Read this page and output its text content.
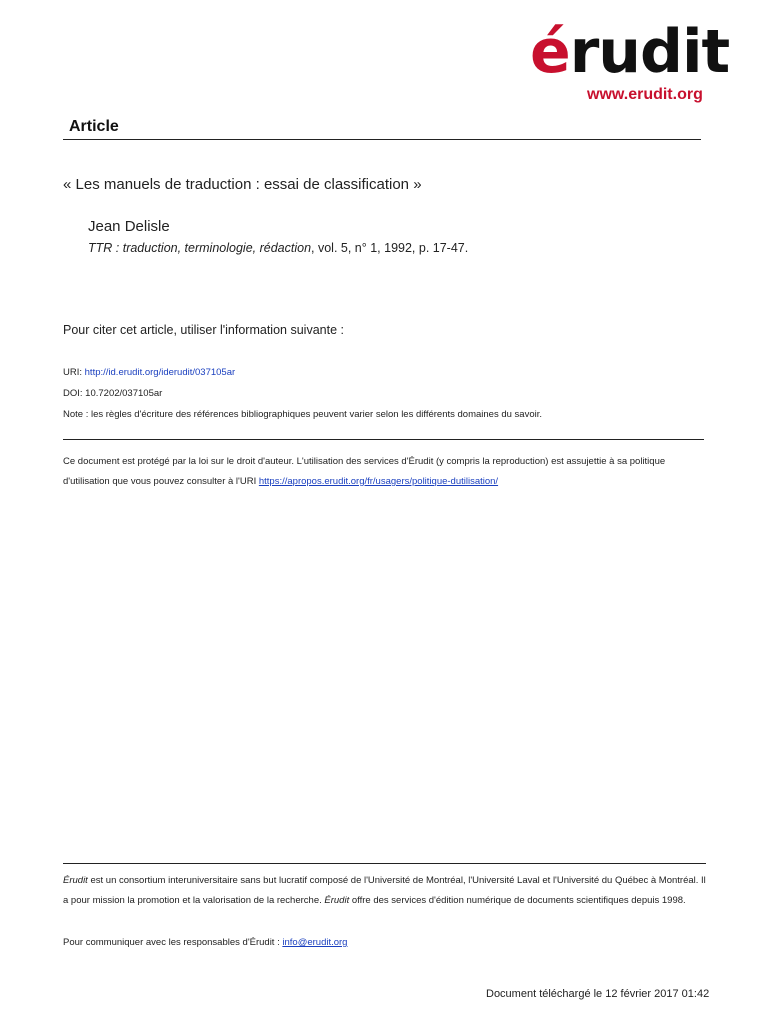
érudit
www.erudit.org
Article
« Les manuels de traduction : essai de classification »
Jean Delisle
TTR : traduction, terminologie, rédaction, vol. 5, n° 1, 1992, p. 17-47.
Pour citer cet article, utiliser l'information suivante :
URI: http://id.erudit.org/iderudit/037105ar
DOI: 10.7202/037105ar
Note : les règles d'écriture des références bibliographiques peuvent varier selon les différents domaines du savoir.
Ce document est protégé par la loi sur le droit d'auteur. L'utilisation des services d'Érudit (y compris la reproduction) est assujettie à sa politique d'utilisation que vous pouvez consulter à l'URI https://apropos.erudit.org/fr/usagers/politique-dutilisation/
Érudit est un consortium interuniversitaire sans but lucratif composé de l'Université de Montréal, l'Université Laval et l'Université du Québec à Montréal. Il a pour mission la promotion et la valorisation de la recherche. Érudit offre des services d'édition numérique de documents scientifiques depuis 1998.
Pour communiquer avec les responsables d'Érudit : info@erudit.org
Document téléchargé le 12 février 2017 01:42
